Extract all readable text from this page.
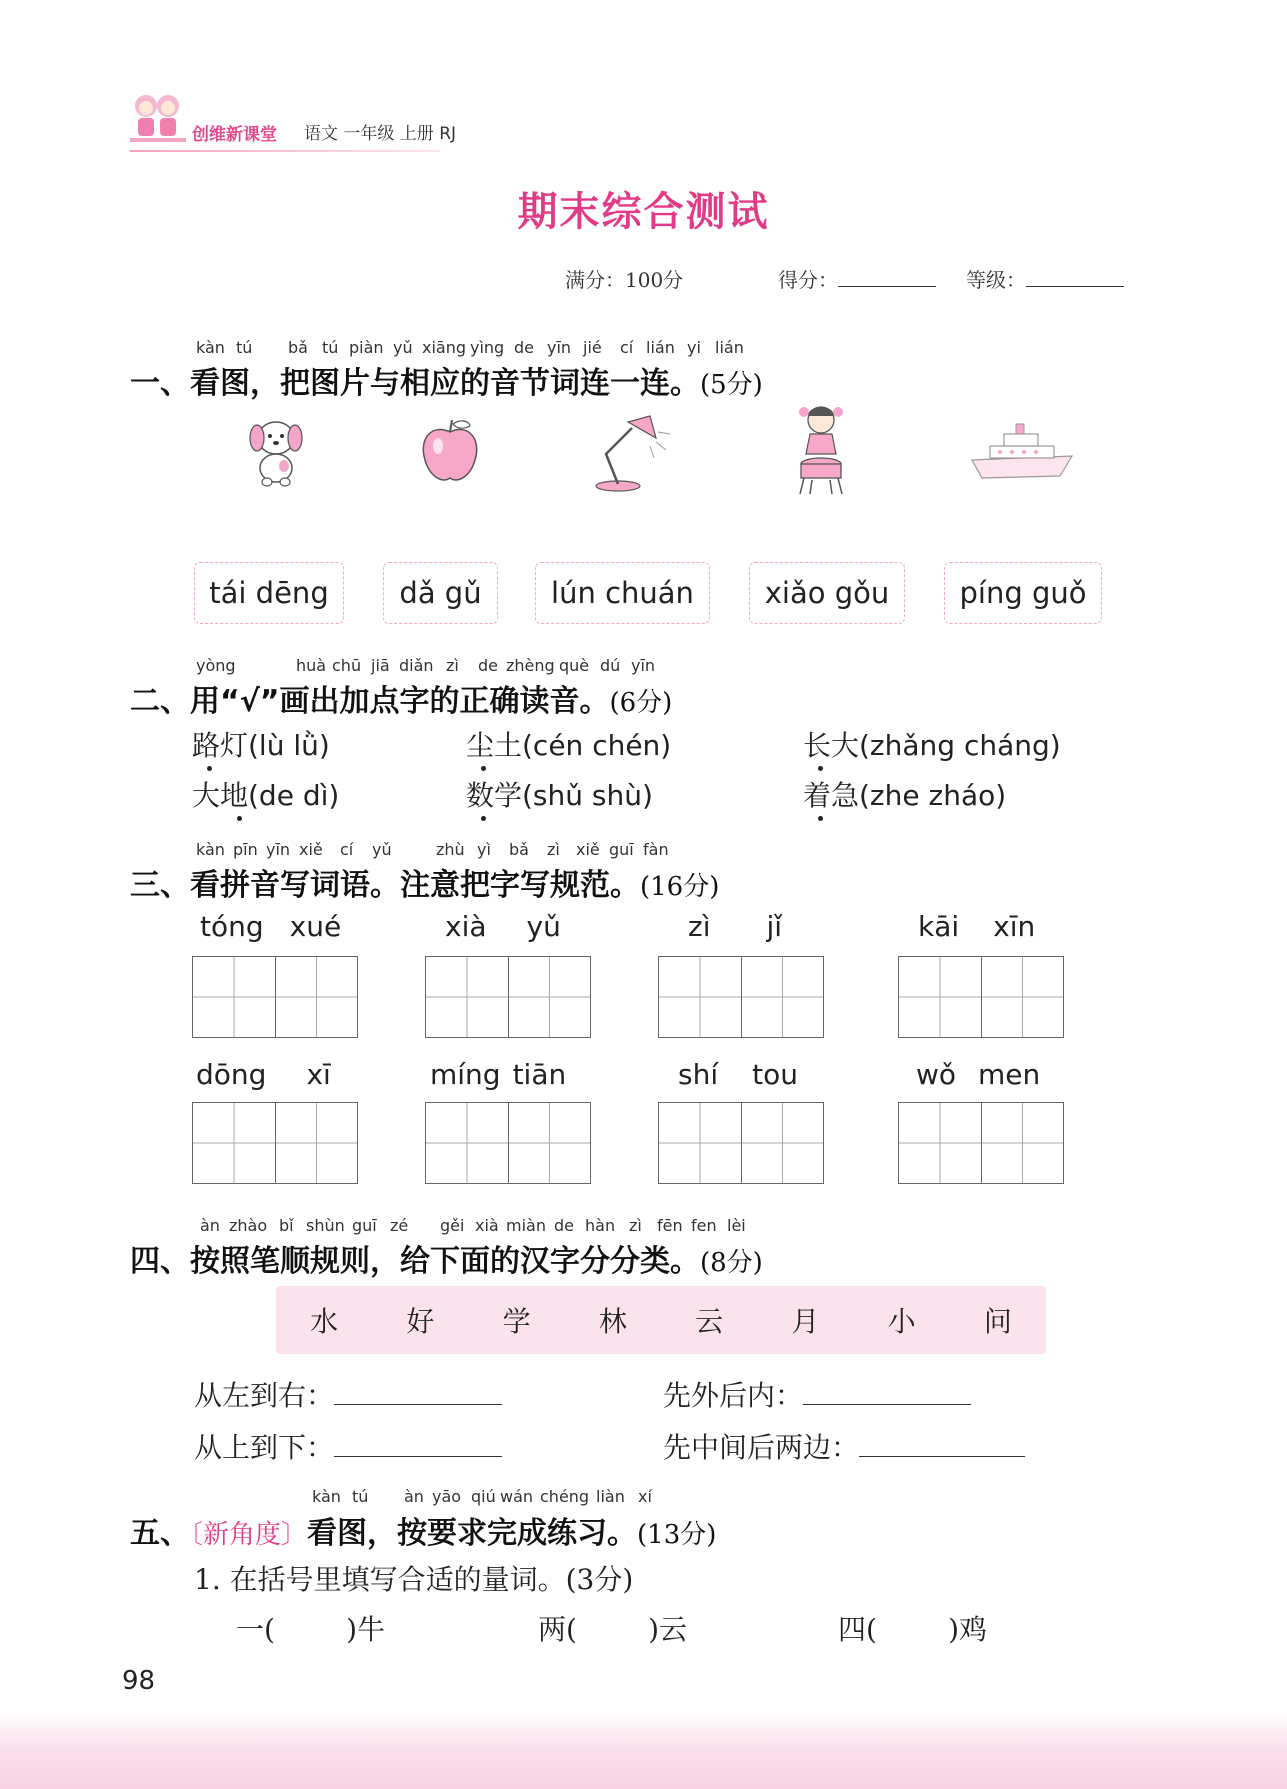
创维新课堂 语文 一年级 上册 RJ
期末综合测试
满分：100分	得分：	等级：
kàn tú bǎ tú piàn yǔ xiāng yìng de yīn jié cí lián yi lián
一、看图，把图片与相应的音节词连一连。(5分)
tái dēng	dǎ gǔ	lún chuán	xiǎo gǒu	píng guǒ
yòng	huà chū jiā diǎn zì de zhèng què dú yīn
二、用“√”画出加点字的正确读音。(6分)
路灯(lù lǜ)	尘土(cén chén)	长大(zhǎng cháng)
大地(de dì)	数学(shǔ shù)	着急(zhe zháo)
kàn pīn yīn xiě cí yǔ	zhù yì bǎ zì xiě guī fàn
三、看拼音写词语。注意把字写规范。(16分)
tóng xué	xià yǔ	zì jǐ	kāi xīn
dōng xī	míng tiān	shí tou	wǒ men
àn zhào bǐ shùn guī zé gěi xià miàn de hàn zì fēn fen lèi
四、按照笔顺规则，给下面的汉字分分类。(8分)
水 好 学 林 云 月 小 问
从左到右：	先外后内：
从上到下：	先中间后两边：
kàn tú àn yāo qiú wán chéng liàn xí
五、〔新角度〕看图，按要求完成练习。(13分)
1. 在括号里填写合适的量词。(3分)
一(        )牛	两(        )云	四(        )鸡
98
